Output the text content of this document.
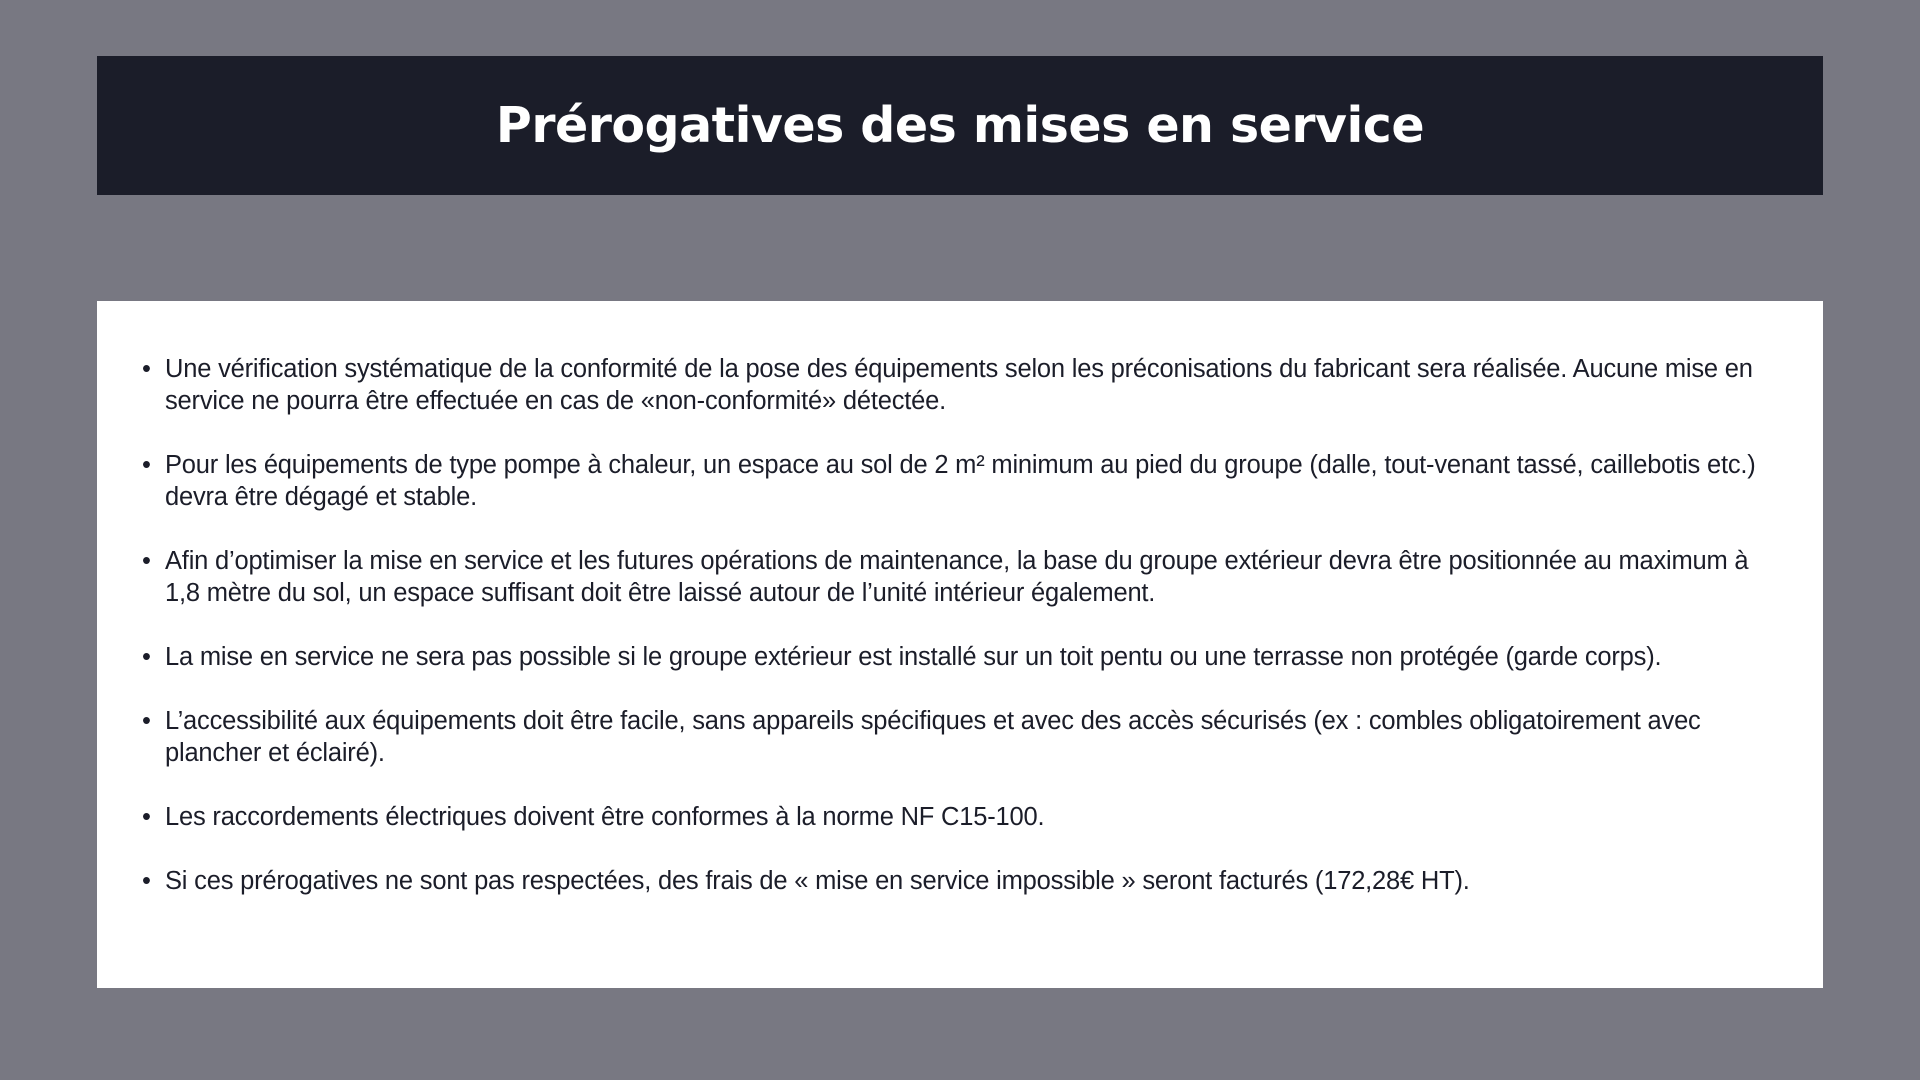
Prérogatives des mises en service
• Une vérification systématique de la conformité de la pose des équipements selon les préconisations du fabricant sera réalisée. Aucune mise en service ne pourra être effectuée en cas de «non-conformité» détectée.
• Pour les équipements de type pompe à chaleur, un espace au sol de 2 m² minimum au pied du groupe (dalle, tout-venant tassé, caillebotis etc.) devra être dégagé et stable.
• Afin d’optimiser la mise en service et les futures opérations de maintenance, la base du groupe extérieur devra être positionnée au maximum à 1,8 mètre du sol, un espace suffisant doit être laissé autour de l’unité intérieur également.
• La mise en service ne sera pas possible si le groupe extérieur est installé sur un toit pentu ou une terrasse non protégée (garde corps).
• L’accessibilité aux équipements doit être facile, sans appareils spécifiques et avec des accès sécurisés (ex : combles obligatoirement avec plancher et éclairé).
• Les raccordements électriques doivent être conformes à la norme NF C15-100.
• Si ces prérogatives ne sont pas respectées, des frais de « mise en service impossible » seront facturés (172,28€ HT).
